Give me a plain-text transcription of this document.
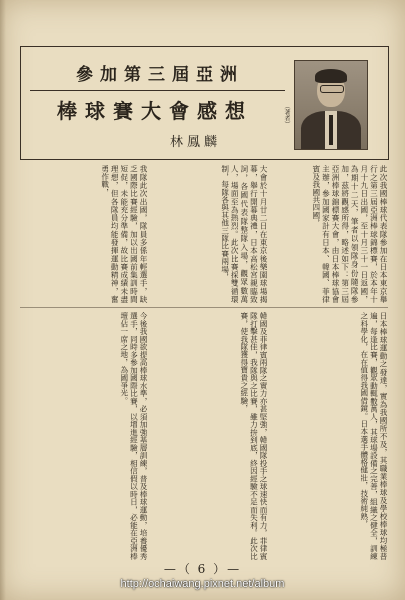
參加第三屆亞洲
棒球賽大會感想
林鳳麟
（著者）
此次我國棒球代表隊參加在日本東京舉行之第三屆亞洲棒球錦標賽，於本年十月十九日出國，至十月三十一日返國，為期十二天，筆者以領隊身份隨隊參加，茲將觀感所得，略述如下：第三屆亞洲棒球錦標賽大會，由日本棒球協會主辦，參加國家計有日本、韓國、菲律賓及我國共四國，
大會於十月廿二日在東京後樂園球場揭幕，舉行開幕典禮，日本高松宮親臨致詞，各國代表隊整隊入場，觀眾數萬人，場面至為熱烈。此次比賽採雙循環制，每隊各與其他三隊比賽兩場，
我隊此次出國，隊員多係年輕選手，缺乏國際比賽經驗，加以出國前集訓時間短促，未能充分準備，故比賽成績未盡理想，但各隊員均能發揮運動精神，奮勇作戰，
日本棒球運動之發達，實為我國所不及，其職業棒球及學校棒球均極普遍，每逢比賽，觀眾動輒數萬人，其球場設備之完善，組織之健全，訓練之科學化，在在值得我國借鏡。日本選手體格健壯，技術純熟，
韓國及菲律賓兩隊之實力亦甚堅強，韓國隊投手之球速快而有力，菲律賓隊打擊甚佳，我隊與之比賽，雖力拚到底，終因經驗不足而失利。此次比賽，使我隊獲得寶貴之經驗，
今後我國欲提高棒球水準，必須加強基層訓練，普及棒球運動，培養優秀選手，同時多參加國際比賽，以增進經驗，相信假以時日，必能在亞洲棒壇佔一席之地，為國爭光。
—（ 6 ）—
http://ochaiwang.pixnet.net/album
